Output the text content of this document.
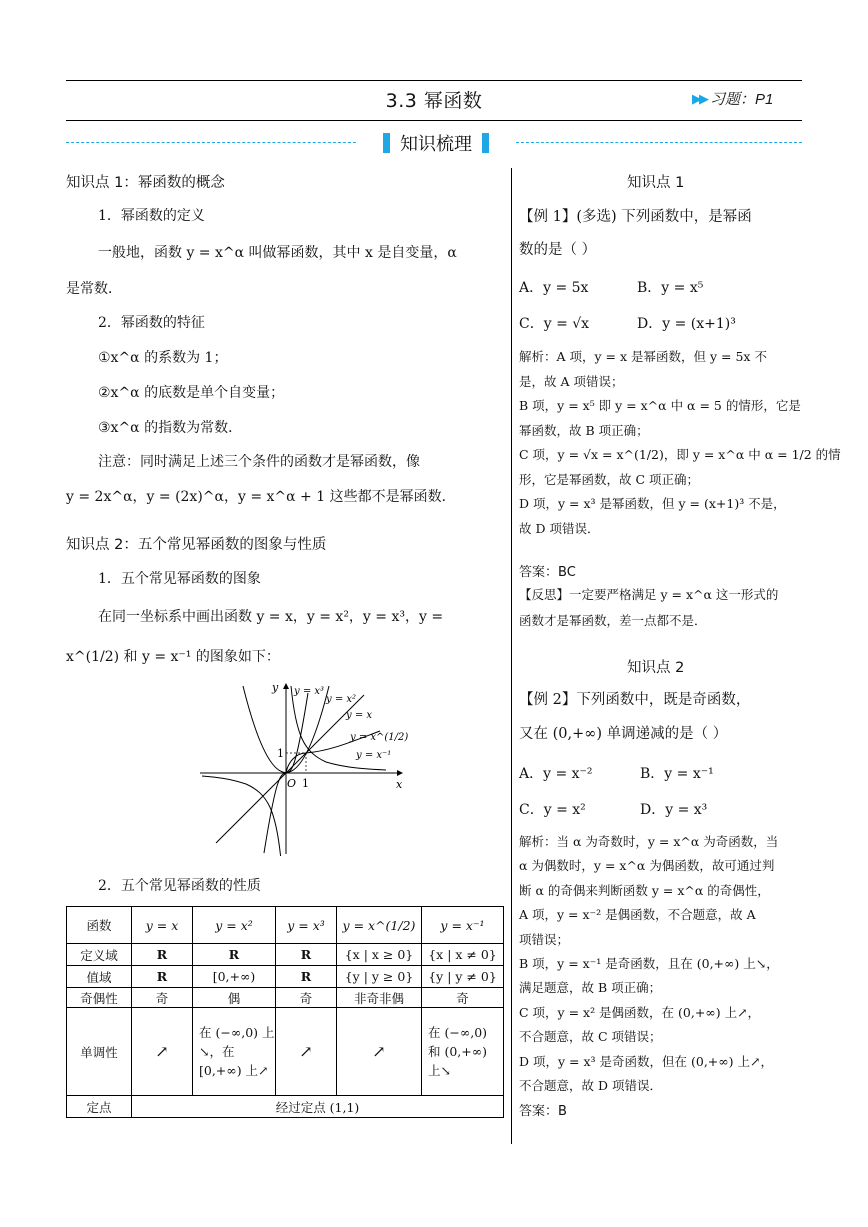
3.3 幂函数	▶▶ 习题：P1
知识梳理
知识点 1：幂函数的概念
1．幂函数的定义
一般地，函数 y = x^α 叫做幂函数，其中 x 是自变量，α
是常数．
2．幂函数的特征
①x^α 的系数为 1；
②x^α 的底数是单个自变量；
③x^α 的指数为常数．
注意：同时满足上述三个条件的函数才是幂函数，像
y = 2x^α，y = (2x)^α，y = x^α + 1 这些都不是幂函数．
知识点 2：五个常见幂函数的图象与性质
1．五个常见幂函数的图象
在同一坐标系中画出函数 y = x，y = x²，y = x³，y =
x^(1/2) 和 y = x⁻¹ 的图象如下：
y
x
O 1
1
y = x³
y = x²
y = x
y = x^(1/2)
y = x⁻¹
2．五个常见幂函数的性质
函数	y = x	y = x²	y = x³	y = x^(1/2)	y = x⁻¹
定义域	R	R	R	{x | x ≥ 0}	{x | x ≠ 0}
值域	R	[0,+∞)	R	{y | y ≥ 0}	{y | y ≠ 0}
奇偶性	奇	偶	奇	非奇非偶	奇
单调性	↗	在 (−∞,0) 上↘，在 [0,+∞) 上↗	↗	↗	在 (−∞,0) 和 (0,+∞) 上↘
定点	经过定点 (1,1)				
知识点 1
【例 1】(多选) 下列函数中，是幂函
数的是（ ）
A．y = 5x	B．y = x⁵
C．y = √x	D．y = (x+1)³
解析：A 项，y = x 是幂函数，但 y = 5x 不
是，故 A 项错误；
B 项，y = x⁵ 即 y = x^α 中 α = 5 的情形，它是
幂函数，故 B 项正确；
C 项，y = √x = x^(1/2)，即 y = x^α 中 α = 1/2 的情
形，它是幂函数，故 C 项正确；
D 项，y = x³ 是幂函数，但 y = (x+1)³ 不是，
故 D 项错误．
答案：BC
【反思】一定要严格满足 y = x^α 这一形式的
函数才是幂函数，差一点都不是．
知识点 2
【例 2】下列函数中，既是奇函数，
又在 (0,+∞) 单调递减的是（ ）
A．y = x⁻²	B．y = x⁻¹
C．y = x²	D．y = x³
解析：当 α 为奇数时，y = x^α 为奇函数，当
α 为偶数时，y = x^α 为偶函数，故可通过判
断 α 的奇偶来判断函数 y = x^α 的奇偶性，
A 项，y = x⁻² 是偶函数，不合题意，故 A
项错误；
B 项，y = x⁻¹ 是奇函数，且在 (0,+∞) 上↘，
满足题意，故 B 项正确；
C 项，y = x² 是偶函数，在 (0,+∞) 上↗，
不合题意，故 C 项错误；
D 项，y = x³ 是奇函数，但在 (0,+∞) 上↗，
不合题意，故 D 项错误．
答案：B
